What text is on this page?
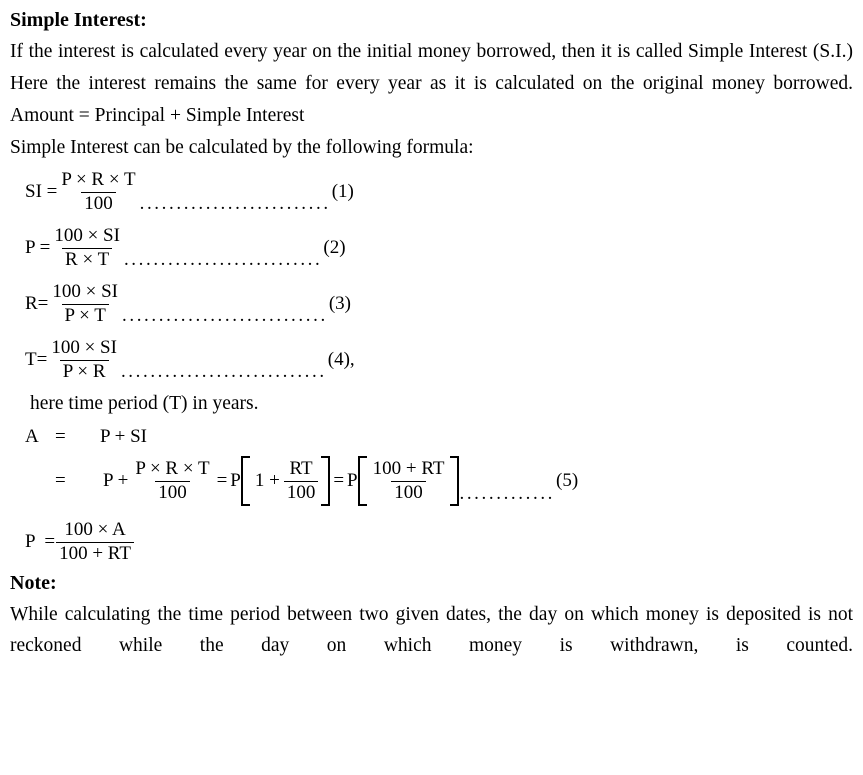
Simple Interest:

If the interest is calculated every year on the initial money borrowed, then it is called Simple Interest (S.I.)

Here the interest remains the same for every year as it is calculated on the original money borrowed.

Amount = Principal + Simple Interest

Simple Interest can be calculated by the following formula:

SI = $\frac{P \times R \times T}{100}$ ..........................
(1)
$P = \frac{100 \times SI}{R \times T}$ ...........................
(2)
$R= \frac{100 \times SI}{P \times T}$ ............................
(3)
$T= \frac{100 \times SI}{P \times R}$ ............................
(4),
here time period (T) in years.
A =	P + SI
=	$P + \frac{P \times R \times T}{100} = P$ $1 + \frac{RT}{100} = P \frac{100 + RT}{100}$ .............
(5)
$P = \frac{100 \times A}{100 + RT}$
Note:

While calculating the time period between two given dates, the day on which money is deposited is not reckoned while the day on which money is withdrawn, is counted.
